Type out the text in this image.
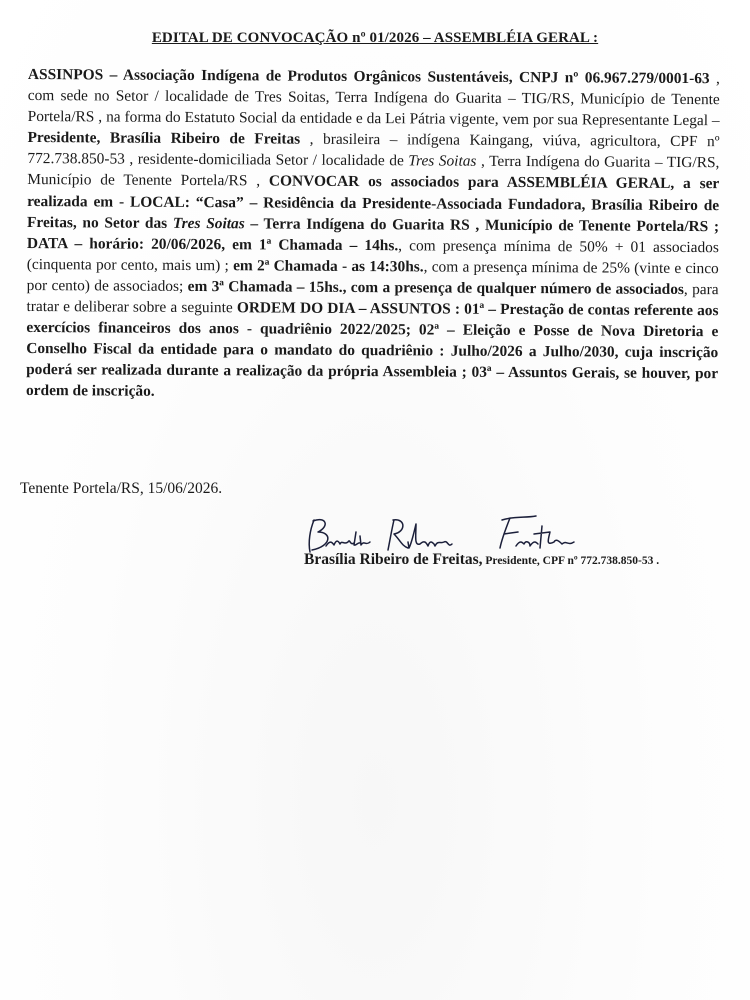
EDITAL DE CONVOCAÇÃO nº 01/2026 – ASSEMBLÉIA GERAL :
ASSINPOS – Associação Indígena de Produtos Orgânicos Sustentáveis, CNPJ nº 06.967.279/0001-63 , com sede no Setor / localidade de Tres Soitas, Terra Indígena do Guarita – TIG/RS, Município de Tenente Portela/RS , na forma do Estatuto Social da entidade e da Lei Pátria vigente, vem por sua Representante Legal – Presidente, Brasília Ribeiro de Freitas , brasileira – indígena Kaingang, viúva, agricultora, CPF nº 772.738.850-53 , residente-domiciliada Setor / localidade de Tres Soitas , Terra Indígena do Guarita – TIG/RS, Município de Tenente Portela/RS , CONVOCAR os associados para ASSEMBLÉIA GERAL, a ser realizada em - LOCAL: “Casa” – Residência da Presidente-Associada Fundadora, Brasília Ribeiro de Freitas, no Setor das Tres Soitas – Terra Indígena do Guarita RS , Município de Tenente Portela/RS ; DATA – horário: 20/06/2026, em 1ª Chamada – 14hs., com presença mínima de 50% + 01 associados (cinquenta por cento, mais um) ; em 2ª Chamada - as 14:30hs., com a presença mínima de 25% (vinte e cinco por cento) de associados; em 3ª Chamada – 15hs., com a presença de qualquer número de associados, para tratar e deliberar sobre a seguinte ORDEM DO DIA – ASSUNTOS : 01ª – Prestação de contas referente aos exercícios financeiros dos anos - quadriênio 2022/2025; 02ª – Eleição e Posse de Nova Diretoria e Conselho Fiscal da entidade para o mandato do quadriênio : Julho/2026 a Julho/2030, cuja inscrição poderá ser realizada durante a realização da própria Assembleia ; 03ª – Assuntos Gerais, se houver, por ordem de inscrição.
Tenente Portela/RS, 15/06/2026.
Brasília Ribeiro de Freitas, Presidente, CPF nº 772.738.850-53 .
